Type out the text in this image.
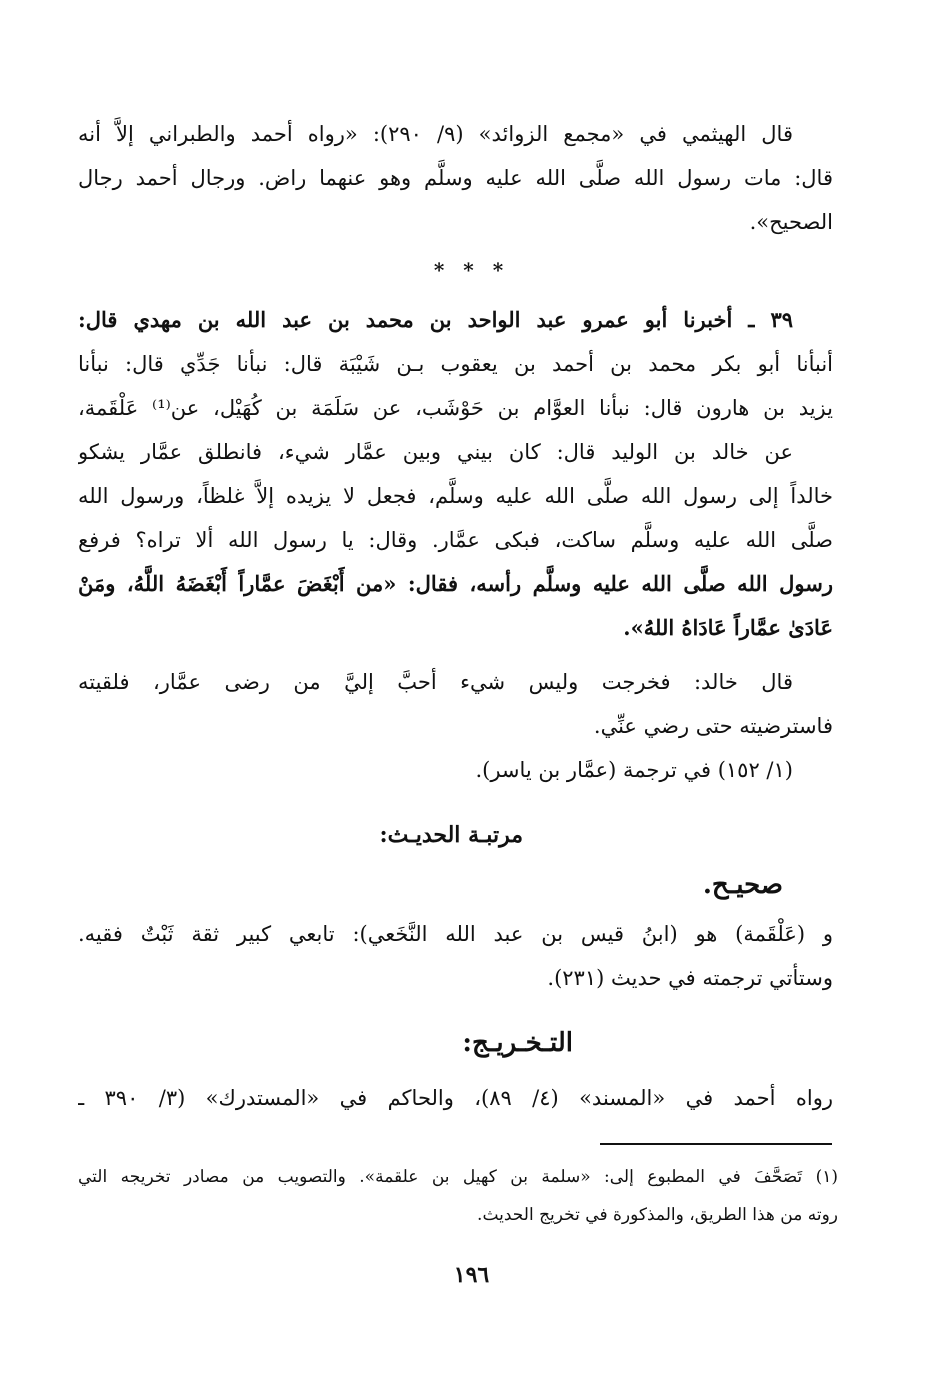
قال الهيثمي في «مجمع الزوائد» (٩/ ٢٩٠): «رواه أحمد والطبراني إلاَّ أنه
قال: مات رسول الله صلَّى الله عليه وسلَّم وهو عنهما راض. ورجال أحمد رجال
الصحيح».
* * *
٣٩ ـ أخبرنا أبو عمرو عبد الواحد بن محمد بن عبد الله بن مهدي قال:
أنبأنا أبو بكر محمد بن أحمد بن يعقوب بـن شَيْبَة قال: نبأنا جَدِّي قال: نبأنا
يزيد بن هارون قال: نبأنا العوَّام بن حَوْشَب، عن سَلَمَة بن كُهَيْل، عن⁽¹⁾ عَلْقَمة،
عن خالد بن الوليد قال: كان بيني وبين عمَّار شيء، فانطلق عمَّار يشكو
خالداً إلى رسول الله صلَّى الله عليه وسلَّم، فجعل لا يزيده إلاَّ غلظاً، ورسول الله
صلَّى الله عليه وسلَّم ساكت، فبكى عمَّار. وقال: يا رسول الله ألا تراه؟ فرفع
رسول الله صلَّى الله عليه وسلَّم رأسه، فقال: «من أَبْغَضَ عمَّاراً أَبْغَضَهُ اللَّهُ، ومَنْ
عَادَىٰ عمَّاراً عَادَاهُ اللهُ».
قال خالد: فخرجت وليس شيء أحبَّ إليَّ من رضى عمَّار، فلقيته
فاسترضيته حتى رضي عنِّي.
(١/ ١٥٢) في ترجمة (عمَّار بن ياسر).
مرتبـة الحديـث:
صحيـح.
و (عَلْقَمة) هو (ابنُ قيس بن عبد الله النَّخَعي): تابعي كبير ثقة ثَبْتٌ فقيه.
وستأتي ترجمته في حديث (٢٣١).
التـخـريـج:
رواه أحمد في «المسند» (٤/ ٨٩)، والحاكم في «المستدرك» (٣/ ٣٩٠ ـ
(١) تَصَحَّفَ في المطبوع إلى: «سلمة بن كهيل بن علقمة». والتصويب من مصادر تخريجه التي
روته من هذا الطريق، والمذكورة في تخريج الحديث.
١٩٦
